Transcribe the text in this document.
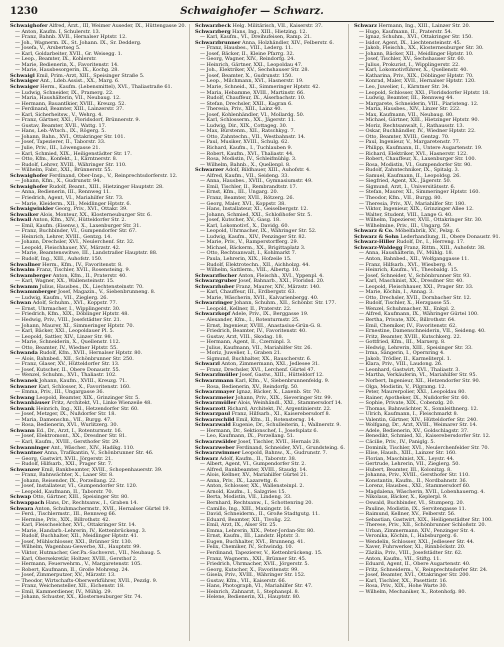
1230	Schwaighofer — Schwarz.
Schwaighofer Alfred, Ärzt., III, Weimer Auseder, IX., Hüttengasse 20.
— Anton, Kaufm. I, Schulerstr. 13.
— Franz, Bahnb. XVII., Hernalser Hptstr. 12.
— Joh., Wagnerm. IX., St. Johann. IX., Sr. Dedderg.
— Josefa, V., Arsbertseg 5.
— Karl, Goldarbeiter, XVII., Gr. Weisegg. 1.
— Leop., Beamter, IX., Kohlerstr.
— Marie, Bedienerin, X., Favoritenstr. 14.
— Marie, Hausbesorgerin, IX., Kochg. 28.
Schwaigl Emil, Prim.-Arzt, XIII., Speisinger Straße 5.
Schwaiger Ant., Ldeb.Assist., XX., Marg. 6.
Schwaiger Herm., Kaufm. (Lebensmittel), XVI., Thaliastraße 61.
— Ludwig, Schneider, IX., Pramerg. 22.
— Maria, Haushälterin, VII., Neubaug. 12.
— Hermann, Bauantlkier, XVIII., Kreuzg. 52.
— Ferdinand, Beamter, XIII., Lainzerstr. 37.
— Karl, Sicherheitsw., V., Wehrg. 4.
— Franz, Gärtner, XXI., Floridsdorf, Brünnerstr. 9.
— Gustav, Beamter, XVII., Wattg. 17.
— Hans, Leb.-Wtsch., IX., Rögerg. 5.
— Johann, Bahn., XVI., Ottakringer Str. 101.
— Josef, Tapezierer, II., Taborstr. 33.
— Julie, Priv., III., Löwengasse 21.
— Karl, Schmied, XIX., Heiligenstädter Str. 17.
— Otto, Kfm., Konfekt., I., Kärntnerstr. 8.
— Rudolf, Lehrer, XVIII., Währinger Str. 110.
— Wilhelm, Fabr., XXI., Brünnerstr. 55.
Schwaighofer Ferdinand, Ober-Insp., V., Reinprechtsdorferstr. 12.
— Johann, Kfm., X., Gudrunstr. 94.
Schwaighofer Rudolf, Beamt., XIII., Hietzinger Hauptstr. 28.
— Anna, Bedienerin, III., Rennweg 11.
— Friedrich, Agent, VI., Mariahilfer Str. 73.
— Marie, Kleiderm., XII., Meidlinger Hptstr. 6.
Schwaigwinkler Georg, Priv., XVI., Ottakr. 39.
Schwaiker Alois, Monteur, XX., Klosterneuburger Str. 6.
Schwall Anton, Kfm., XIV., Hütteldorfer Str. 2.
— Emil, Kaufm. (Eisenw.), X., Laxenburger Str. 31.
— Franz, Buchbinder, VI., Gumpendorfer Str. 67.
— Heinrich, Lehrer, XVIII., Gentzg. 14.
— Johann, Drechsler, XVI., Neulerchenf. Str. 32.
— Leopold, Fleischhauer, XV., Märzstr. 42.
— Marie, Beamtenswitwe, III., Landstraßer Hauptstr. 88.
— Rudolf, Ing., XIII., Auhofstr. 150.
Schwallner Herm., Kfm., IV., Favoritenstr. 8.
Schwalm Franz, Tischler, XVII., Rosensteing. 9.
Schwamberger Anton, Kfm., II., Praterstr. 40.
— Karl, Wagner, XX., Wallensteinstr. 15.
Schwamm Julius, Hausbes., IX., Liechtensteinstr. 70.
Schwammberger Josef, Magazin., V., Siebenbrunneng. 8.
— Ludwig, Kaufm., VII., Zieglerg. 26.
Schwan Adolf, Schuhm., XVI., Koppstr. 77.
— Ernst, Uhrmacher, I., Wipplingerstr. 30.
— Friedrich, Kfm., XIX., Döblinger Hptstr. 48.
— Hedwig, Priv., VIII., Josefstädter Str. 21.
— Johann, Maurer, XI., Simmeringer Hptstr. 70.
— Karl, Bäcker, XXI., Leopoldauer Pl. 5.
— Leopold, Sattler, XIV., Linzer Str. 98.
— Marie, Schneiderin, X., Quellenstr. 112.
— Otto, Beamter, IV., Wiedner Hptstr. 55.
Schwanda Rudolf, Kfm., XVII., Hernalser Hptstr. 80.
— Alois, Bahnbed., XII., Schönbrunner Str. 250.
— Franz, Glaser, XV., Hütteldorfer Str. 13.
— Josef, Kutscher, II., Obere Donaustr. 55.
— Wenzel, Schuhm., XVI., Thaliastr. 102.
Schwanek Johann, Kaufm., XVIII., Kreuzg. 71.
Schwaner Karl, Schlosser, X., Favoritenstr. 160.
— Emma, Priv., III., Ungargasse 36.
Schwang Leopold, Beamter, XIX., Grinzinger Str. 5.
Schwanhäuser Fritz, Architekt, VI., Linke Wienzeile 48.
Schwank Heinrich, Ing., XII., Hetzendorfer Str. 60.
— Josef, Metzger, IX., Nußdorfer Str. 18.
— Maria, Damenschn., VII., Burgg. 47.
— Rosa, Bedienerin, XVI., Wurlitzerg. 30.
Schwann Ed., Dr., Arzt, I., Rotenturmstr. 16.
— Josef, Elektromont., XX., Dresdner Str. 81.
— Karl, Kaufm., XVIII., Gersthofer Str. 29.
Schwanninger Ant., Wäscher., XIV., Hadikg. 110.
Schwantner Anna, Trafikantin, V., Schönbrunner Str. 46.
— Georg, Gastwirt, XVII., Jörgerstr. 21.
— Rudolf, Hilfsarb., XXI., Prager Str. 7.
Schwanzer Emil, Bankbeamter, XVIII., Schopenhauerstr. 39.
— Franz, Bahnwächter, X., Laaer Str. 8.
— Johann, Reisender, IX., Porzellang. 22.
— Josef, Installateur, VI., Gumpendorfer Str. 120.
— Leopold, Kaufmann, II., Taborstr. 70.
Schwap Otto, Gärtner, XIII., Speisinger Str. 80.
Schwappach Hans, Dr., Rechtsanw., I., Graben 14.
Schwara Anton, Schuhmachermstr., XVII., Hernalser Gürtel 19.
— Ferd., Tischlermstr., III., Rennweg 66.
— Hermine, Priv., XIX., Billrothstr. 42.
— Karl, Fleischselcher, XVI., Ottakringer Str. 14.
— Marie, Handarb.-Lehrerin, IV., Kettenbrückeng. 3.
— Rudolf, Buchhalter, XII., Meidlinger Hptstr. 41.
— Josef, Mühlschlosser, XXI., Brünner Str. 130.
— Wilhelm, Wagenbau-Gewerbe, XI., Hauptstr. 99.
— Viktor, Hutmacher, Ger.Pa.-Sachverst., VII., Neubaug. 5.
— Karl, Obersekretär, Holtzer, XVIII., Gersthof 2.
— Hermann, Feuerwehrm., V., Margaretenstr. 105.
— Robert, Kaufmann, II., Große Mohreng. 24.
— Josef, Zimmerputzer, XV., Märzstr. 13.
— Theodor, Wirtschafts-Oberwerkführer, XVII., Pezzlg. 9.
— Franz, Weichensteller, XII., Eichenstr. 18.
— Emil, Kammerdiener, IV., Mühlg. 29.
— Johann, Schuster, XX., Klosterneuburger Str. 74.
Schwarzbeck Helg. Militärisch, VII., Kaiserstr. 37.
Schwarzberg Hans, Ing., XIII., Hietzing. 12.
— Karl, Kaufm., VI., Dreihufeisen, Ramp. 21.
Schwarzbrunner Anna, Holzhändler, XIV., Felberstr. 6.
— Franz, Hausbes., VIII., Lederg. 11.
— Josef, Bäcker, II., Kleine Pfarrg. 32.
— Georg, Wagner, XIV., Reindorfg. 24.
— Heinrich, Gärtner, XXI., Leopoldau 47.
— Joh., Elektriker, XV., Sechshauser Str. 28.
— Josef, Beamter, X., Gudrunstr. 150.
— Leop., Milchmann, XVI., Hasnerstr. 19.
— Marie, Schneid., XI., Simmeringer Hptstr. 42.
— Maria, Hebamme, XVIII., Martinstr. 66.
— Rudolf, Chauffeur, IX., Alserbachstr. 10.
— Stefan, Drechsler, XXII., Kagran 6.
— Theresia, Priv., XIII., Lainz 40.
— Josef, Kohlenhändler, VI., Mollardg. 50.
— Karl, Schlosserm., XX., Jägerstr. 11.
— Ludwig, Dir., XIX., Cottageg. 30.
— Max, Bürstenm., XII., Ratschkyg. 7.
— Otto, Zahntechn., VII., Westbahnstr. 14.
— Paul, Musiker, XVIII., Schulg. 62.
— Richard, Kaufm., I., Tuchlauben 9.
— Robert, Kaufm., XVI., Thaliastr. 44.
— Rosa, Modistin, IV., Schleifmühlg. 3.
— Wilhelm, Bahnb., X., Quellenpl. 8.
Schwarzer Adolf, Bildhauer, XIII., Auhofstr. 4.
— Alfred, Kaufm., VII., Seideng. 33.
— Anna, Hausbes., XVIII., Gymnasiumstr. 49.
— Emil, Tischler, II., Rembrandtstr. 17.
— Ernst, Kfm., III., Ungarg. 20.
— Franz, Beamter, XVII., Rötzerg. 26.
— Georg, Maler, XVI., Koppstr. 38.
— Hans, Installateur, XI., Geiselbergstr. 12.
— Johann, Schmied, XXI., Schloßhofer Str. 5.
— Josef, Kutscher, XV., Gasg. 18.
— Karl, Lokomotivf., X., Davidg. 60.
— Leopold, Uhrmacher, IX., Währinger Str. 52.
— Ludwig, Kaufm., XIV., Penzinger Str. 82.
— Marie, Priv., V., Ramperstorfferg. 29.
— Michael, Bäckerm., XX., Brigittaplatz 3.
— Otto, Rechtsanwalt, I., Kohlmarkt 7.
— Paula, Lehrerin, XIX., Hofzeile 15.
— Rudolf, Elektrotechn., XII., Aichholzg. 44.
— Wilhelm, Sattlerm., VIII., Albertg. 10.
Schwarzfischer Anton, Fleischh., XVI., Yppenpl. 4.
Schwarzgruber Josef, Bahnarb., XXI., Floridsd. 20.
Schwarzhuber Franz, Maurer, XIV., Märzstr. 140.
— Karl, Chauffeur, III., Erdbergstr. 63.
— Marie, Wäscherin, XVII., Kalvarienbergg. 40.
Schwarzinger Johann, Schuhm., XII., Schönbr. Str. 177.
— Leopold, Kellner, II., Praterstr. 22.
Schwarzkopf Adele, Priv., IX., Berggasse 19.
— Alexander, Kfm., I., Rotenturmstr. 25.
— Ernst, Ingenieur, XVIII., Anastasius-Grün-G. 8.
— Friedrich, Beamter, IV., Favoritenstr. 40.
— Gustav, Arzt, VIII., Skodag. 18.
— Hermann, Agent, II., Czerninpl. 3.
— Julius, Kaufmann, VII., Mariahilfer Str. 26.
— Moriz, Juwelier, I., Graben 21.
— Sigmund, Buchhalter, XX., Rauscherstr. 6.
Schwarzl Anton, Zimmermann, XXI., Jedlesee 31.
— Franz, Drechsler, XVI., Lerchenf. Gürtel 47.
Schwarzlmüller Josef, Gastw., XIII., Hütteldorf 12.
Schwarzmann Karl, Kfm., V., Siebenbrunnenfeldg. 9.
— Rosa, Bedienerin, XV., Reindorfg. 50.
Schwarzmayer Ignaz, Bäcker, X., Laxenb. Str. 70.
Schwarzmeier Johann, Priv., XIX., Sieveringer Str. 99.
Schwarzmüller Alois, Weinhändl., XXI., Stammersdorf 14.
Schwarzott Richard, Architekt, IV., Argentinierstr. 22.
Schwarzpaul Franz, Hilfsarb., XI., Kaiserebersdorf 8.
Schwarzschild Emil, Kfm., II., Rotensterng. 14.
Schwarzwald Eugenie, Dr., Schulleiterin, I., Wallnerstr. 9.
— Hermann, Dr., Sektionschef, I., Josefsplatz 6.
— Leo, Kaufmann, IX., Porzellang. 51.
Schwarzwälder Josef, Tischler, XVII., Hernals 28.
Schwarzweber Ferdinand, Schneider, XVI., Grundsteing. 6.
Schwarzwimmer Leopold, Bahnw., X., Gudrunstr. 7.
Schwarz Adolf, Kaufm., II., Taborstr. 38.
— Albert, Agent, VI., Gumpendorfer Str. 2.
— Alfred, Bankbeamter, XVIII., Staudg. 14.
— Alois, Kellner, XV., Mariahilfer Gürtel 21.
— Anna, Priv., IX., Lazarettg. 6.
— Anton, Schlosser, XX., Wallensteinpl. 2.
— Arnold, Kaufm., I., Salzgries 15.
— Berta, Modistin, VII., Lindeng. 33.
— Bernhard, Rechtsanw., I., Schottenring 20.
— Camillo, Ing., XIII., Maxingstr. 16.
— David, Schneiderm., II., Große Stadtgutg. 11.
— Eduard, Beamter, XII., Tivolig. 22.
— Emil, Arzt, IX., Alser Str. 25.
— Emma, Lehrerin, XIX., Peter-Jordan-Str. 80.
— Ernst, Kaufm., III., Landstr. Hptstr. 3.
— Eugen, Buchhalter, XVI., Brunneng. 41.
— Felix, Chemiker, IV., Schwindg. 10.
— Ferdinand, Tapezierer, V., Kettenbrückeng. 15.
— Franz, Wagnerm., XXI., Brünner Str. 45.
— Friedrich, Uhrmacher, XVII., Jörgerstr. 5.
— Georg, Kutscher, X., Favoritenstr. 99.
— Gisela, Priv., XVIII., Währinger Str. 152.
— Gustav, Kfm., VII., Kaiserstr. 66.
— Hans, Photograph, VI., Mariahilfer Str. 47.
— Heinrich, Zahnarzt, I., Stephanspl. 8.
— Helene, Bedienerin, XI., Hauptstr. 80.
Schwarz Hermann, Ing., XIII., Lainzer Str. 20.
— Hugo, Kaufmann, II., Praterstr. 54.
— Ignaz, Schuhm., XVI., Ottakringer Str. 150.
— Isidor, Agent, IX., Liechtensteinstr. 45.
— Jakob, Fleischh., XX., Klosterneuburger Str. 30.
— Johann, Bäcker, XII., Meidlinger Hptstr. 10.
— Josef, Tischler, XV., Sechshauser Str. 60.
— Julius, Prokurist, I., Wipplingerstr. 22.
— Karl, Lokomotivführer, X., Quellenstr. 40.
— Katharina, Priv., XIX., Döblinger Hptstr. 70.
— Konrad, Maler, XVII., Hernalser Hptstr. 120.
— Leo, Juwelier, I., Kärntner Str. 34.
— Leopold, Schlosser, XXI., Floridsdorfer Hptstr. 18.
— Ludwig, Beamter, III., Rennweg 44.
— Margarete, Schneiderin, VIII., Piaristeng. 12.
— Maria, Hausbes., XIV., Linzer Str. 222.
— Max, Kaufmann, VII., Neubaug. 80.
— Michael, Gärtner, XIII., Hietzinger Hptstr. 90.
— Moriz, Rechtsanwalt, I., Rathausstr. 13.
— Oskar, Buchhändler, IV., Wiedner Hptstr. 22.
— Otto, Beamter, XVIII., Gentzg. 70.
— Paul, Ingenieur, V., Margaretenstr. 77.
— Philipp, Kaufmann, II., Untere Augartenstr. 19.
— Richard, Elektriker, XVI., Hasnerstr. 122.
— Robert, Chauffeur, X., Laxenburger Str. 100.
— Rosa, Modistin, VI., Gumpendorfer Str. 90.
— Rudolf, Zahntechniker, IX., Spitalg. 3.
— Samuel, Kaufmann, II., Leopoldsg. 26.
— Siegfried, Agent, XX., Jägerstr. 50.
— Sigmund, Arzt, I., Universitätsstr. 6.
— Stefan, Maurer, XI., Simmeringer Hptstr. 160.
— Theodor, Kfm., VII., Burgg. 80.
— Theresia, Priv., XV., Mariahilfer Str. 180.
— Viktor, Ingenieur, XIX., Grinzinger Allee 12.
— Walter, Student, VIII., Lange G. 40.
— Wilhelm, Tapezierer, XVII., Ottakringer Str. 30.
— Wilhelmine, Priv., III., Ungarg. 59.
Schwarz & Co. Möbelfabrik, XV., Pelzg. 6.
Schwarz & Sohn Lederhandlung, II., Obere Donaustr. 91.
Schwarz-Hiller Rudolf, Dr., I., Herreng. 17.
Schwarz-Waldegg Franz, Rittm., XIII., Auhofstr. 38.
— Anna, Haushälterin, IV., Mühlg. 18.
— Anton, Bahnbed., XII., Wolfganggasse 11.
— Franz, Hilfsarb., XVI., Wiesberg. 9.
— Heinrich, Kaufm., VI., Theobaldg. 15.
— Josef, Schneider, V., Schönbrunner Str. 93.
— Karl, Maschinist, XX., Dresdner Str. 40.
— Leopold, Fleischhauer, XXI., Prager Str. 33.
— Marie, Köchin, I., Annag. 3.
— Otto, Drechsler, XVII., Dornbacher Str. 12.
— Rudolf, Tischler, X., Herzgasse 55.
— Wenzel, Schuhmacher, XI., Enkpl. 2.
— Alfred, Kaufmann, IX., Währinger Gürtel 100.
— Bertha, Private, XIX., Billrothstr. 64.
— Emil, Chemiker, IV., Favoritenstr. 62.
— Ernestine, Damenschneiderin, VII., Seideng. 40.
— Fritz, Beamter, XVIII., Kutschkerg. 22.
— Gottfried, Kfm., III., Marxerg. 8.
— Hedwig, Lehrerin, XIII., Speisinger Str. 33.
— Irma, Sängerin, I., Opernring 4.
— Jakob, Trödler, II., Karmeliterpl. 1.
— Klara, Priv., VIII., Laudong. 26.
— Leonhard, Gastwirt, XVI., Thaliastr. 3.
— Martha, Verkäuferin, VI., Mariahilfer Str. 95.
— Norbert, Ingenieur, XII., Hetzendorfer Str. 90.
— Olga, Modistin, V., Pilgramg. 12.
— Peter, Maurerpolier, XXI., Leopoldau 80.
— Rainer, Apotheker, IX., Nußdorfer Str. 60.
— Sophie, Private, XIX., Cobenzlg. 20.
— Thomas, Bahnwächter, X., Sonnleithnerg. 12.
— Ulrich, Kaufmann, I., Fleischmarkt 8.
— Valentin, Gärtner, XIV., Hütteldorfer Str. 240.
— Wolfgang, Dr., Arzt, XVIII., Weimarer Str. 14.
— Adele, Bedienerin, XV., Goldschlagstr. 37.
— Benedikt, Schmied, XI., Kaiserebersdorfer Str. 12.
— Cäcilie, Priv., IV., Paniglg. 5.
— Dominik, Tischler, XVI., Neulerchenfelder Str. 70.
— Elise, Haush., XIII., Lainzer Str. 160.
— Florian, Maschinist, XX., Leystr. 44.
— Gertrude, Lehrerin, VII., Zieglerg. 50.
— Hubert, Beamter, III., Kolonitzg. 8.
— Johanna, Priv., XVIII., Gersthofer Str. 110.
— Konstantin, Kaufm., II., Nordbahnstr. 36.
— Lorenz, Hausbes., XXI., Stammersdorf 60.
— Magdalena, Wäscherin, XVII., Lobenhauerng. 4.
— Nikolaus, Bäcker, X., Keplerpl. 9.
— Oswald, Buchbinder, VI., Stumperg. 20.
— Pauline, Modistin, IX., Servitengasse 11.
— Raimund, Kellner, XV., Felberstr. 56.
— Sebastian, Gastwirt, XIX., Heiligenstädter Str. 100.
— Therese, Priv., XII., Schönbrunner Schloßstr. 20.
— Urban, Zimmermann, XIV., Penzinger Str. 4.
— Veronika, Köchin, I., Habsburgerg. 6.
— Wendelin, Schlosser, XXI., Jedleseer Str. 44.
— Xaver, Fuhrwerker, XI., Rinnböckstr. 20.
— Zäzilia, Priv., VIII., Josefstädter Str. 62.
— Anton, Kaufm., VII., Stiftg. 11.
— Eduard, Agent, II., Obere Augartenstr. 40.
— Fritz, Schneiderm., V., Reinprechtsdorfer Str. 24.
— Josef, Beamter, XVI., Ottakringer Str. 200.
— Karl, Tischler, XX., Pasettistr. 16.
— Rosa, Priv., XIX., Hohe Warte 30.
— Wilhelm, Mechaniker, X., Rotenhofg. 80.
